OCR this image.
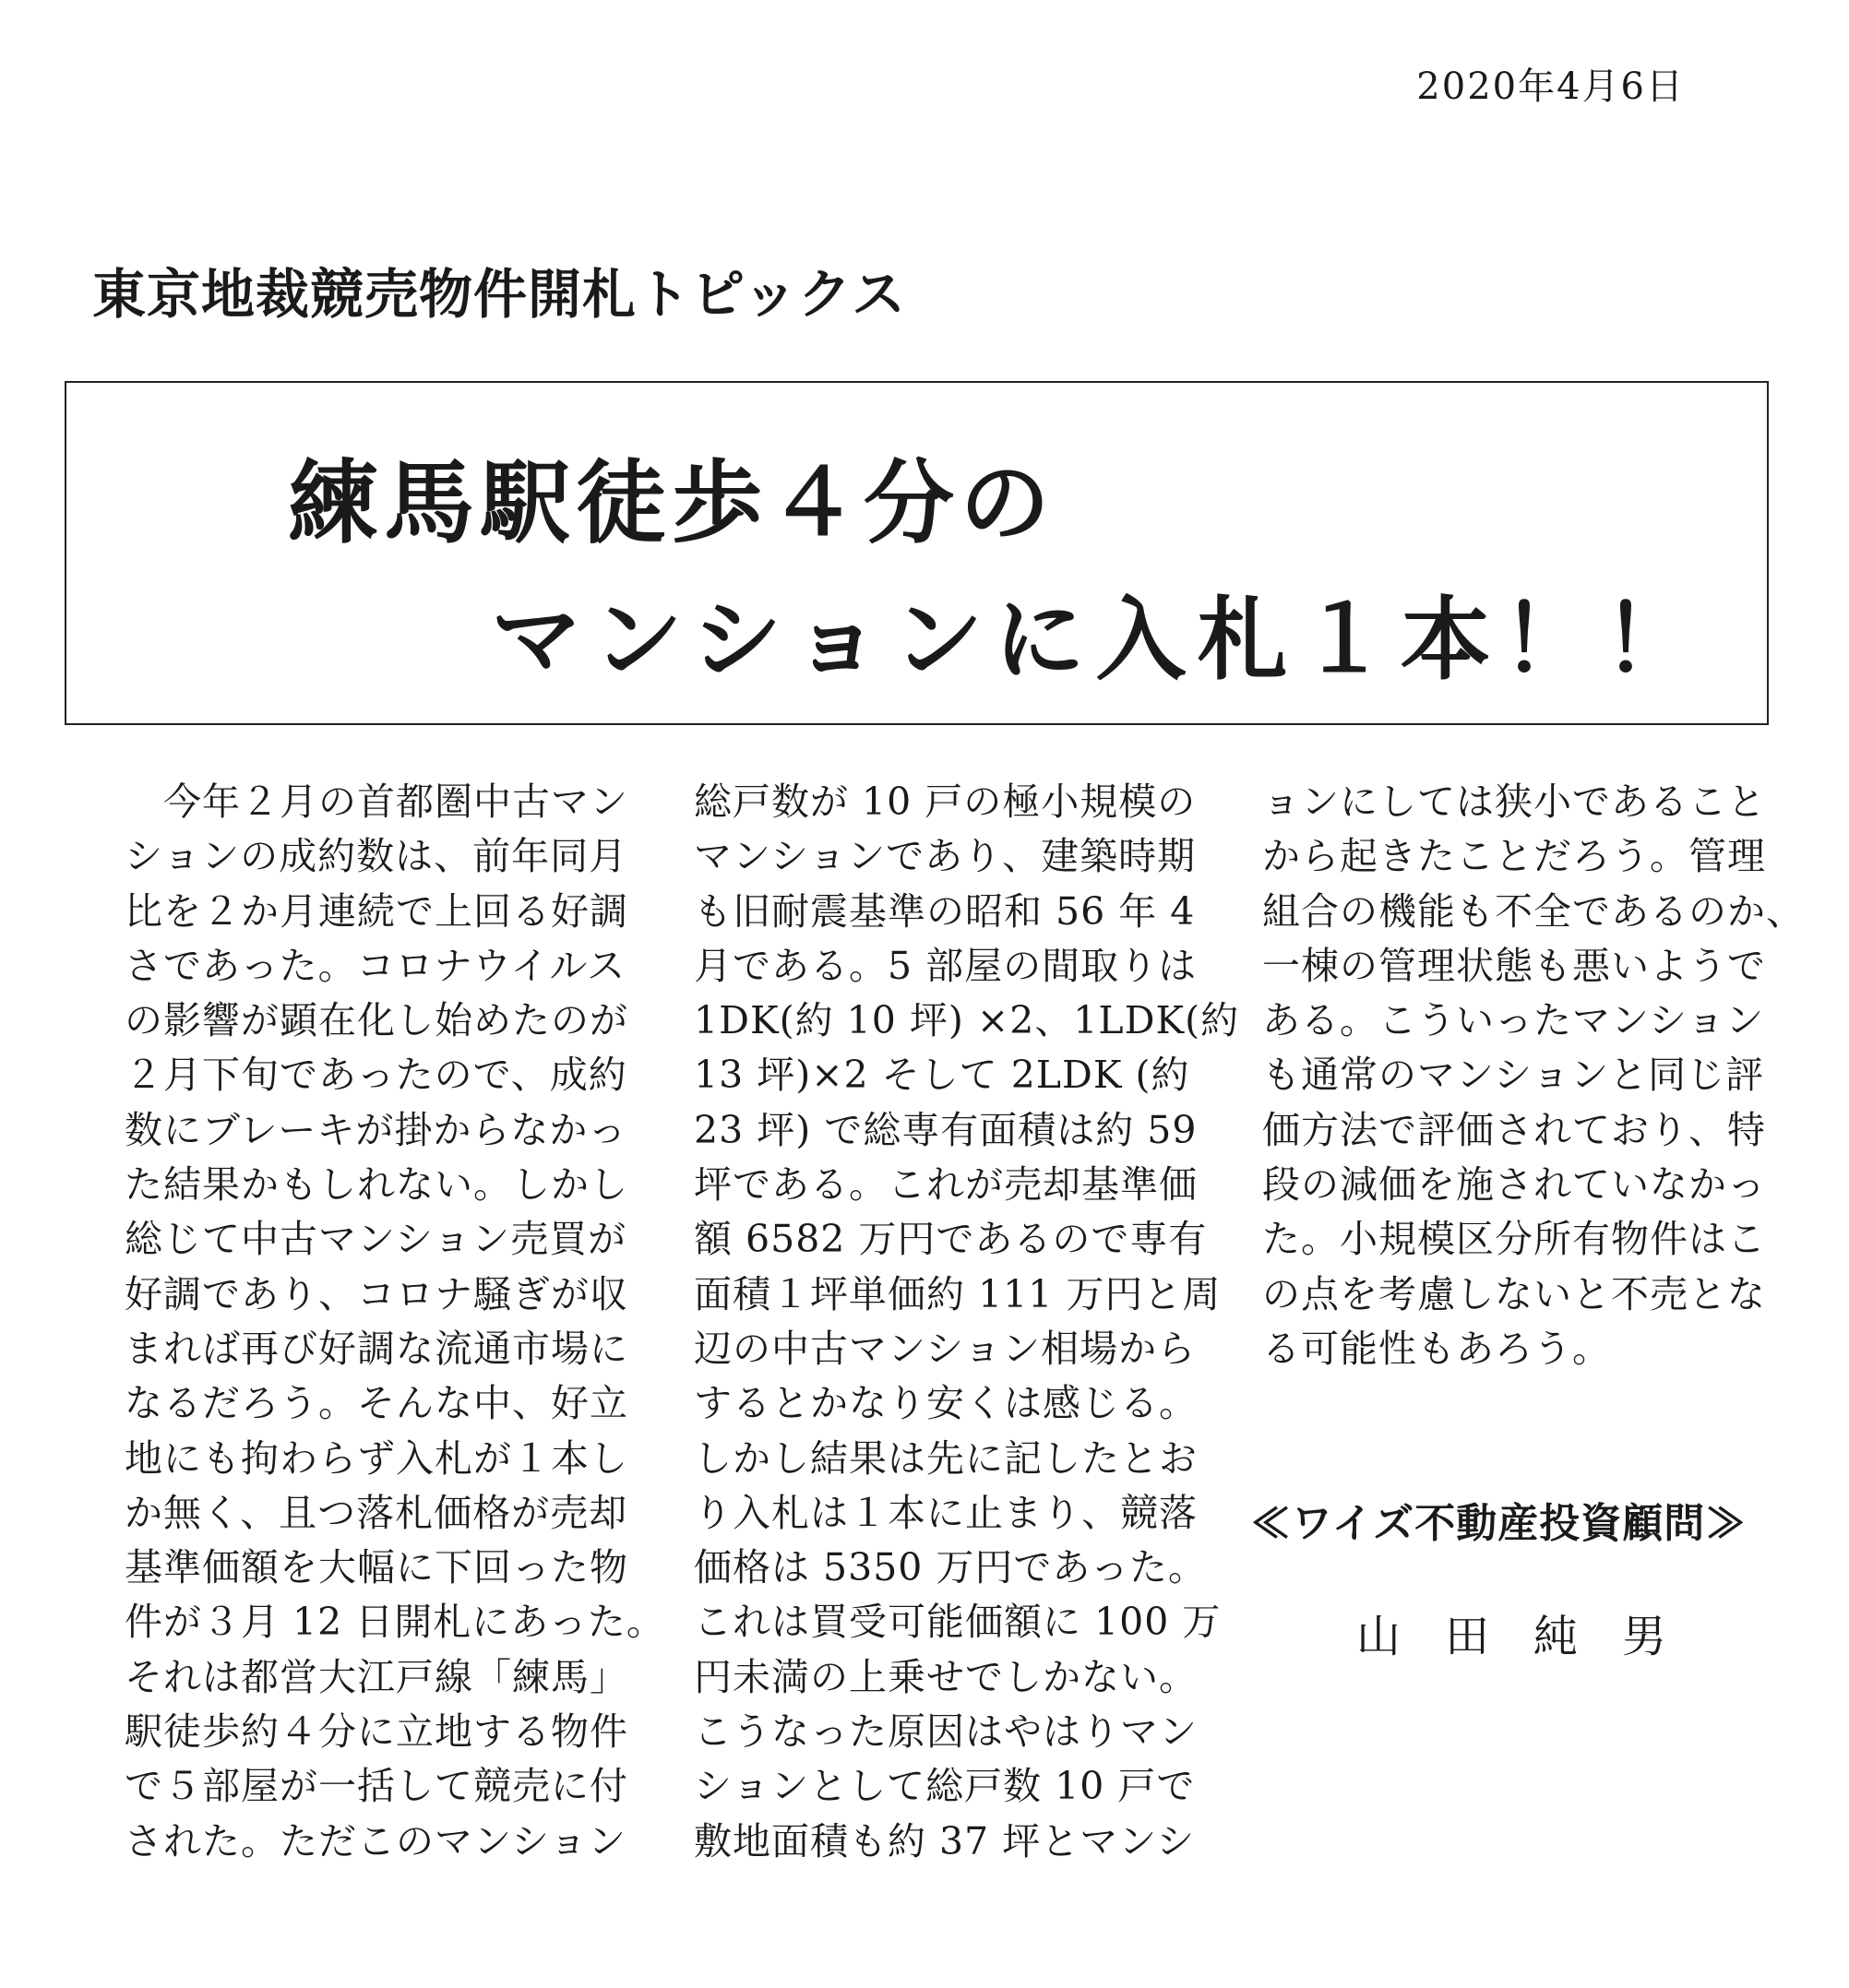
2020年4月6日
東京地裁競売物件開札トピックス
練馬駅徒歩４分の
マンションに入札１本！！
　今年２月の首都圏中古マン
ションの成約数は、前年同月
比を２か月連続で上回る好調
さであった。コロナウイルス
の影響が顕在化し始めたのが
２月下旬であったので、成約
数にブレーキが掛からなかっ
た結果かもしれない。しかし
総じて中古マンション売買が
好調であり、コロナ騒ぎが収
まれば再び好調な流通市場に
なるだろう。そんな中、好立
地にも拘わらず入札が１本し
か無く、且つ落札価格が売却
基準価額を大幅に下回った物
件が３月 12 日開札にあった。
それは都営大江戸線「練馬」
駅徒歩約４分に立地する物件
で５部屋が一括して競売に付
された。ただこのマンション
総戸数が 10 戸の極小規模の
マンションであり、建築時期
も旧耐震基準の昭和 56 年 4
月である。5 部屋の間取りは
1DK(約 10 坪) ×2、1LDK(約
13 坪)×2 そして 2LDK (約
23 坪) で総専有面積は約 59
坪である。これが売却基準価
額 6582 万円であるので専有
面積１坪単価約 111 万円と周
辺の中古マンション相場から
するとかなり安くは感じる。
しかし結果は先に記したとお
り入札は１本に止まり、競落
価格は 5350 万円であった。
これは買受可能価額に 100 万
円未満の上乗せでしかない。
こうなった原因はやはりマン
ションとして総戸数 10 戸で
敷地面積も約 37 坪とマンシ
ョンにしては狭小であること
から起きたことだろう。管理
組合の機能も不全であるのか、
一棟の管理状態も悪いようで
ある。こういったマンション
も通常のマンションと同じ評
価方法で評価されており、特
段の減価を施されていなかっ
た。小規模区分所有物件はこ
の点を考慮しないと不売とな
る可能性もあろう。
≪ワイズ不動産投資顧問≫
山田純男
